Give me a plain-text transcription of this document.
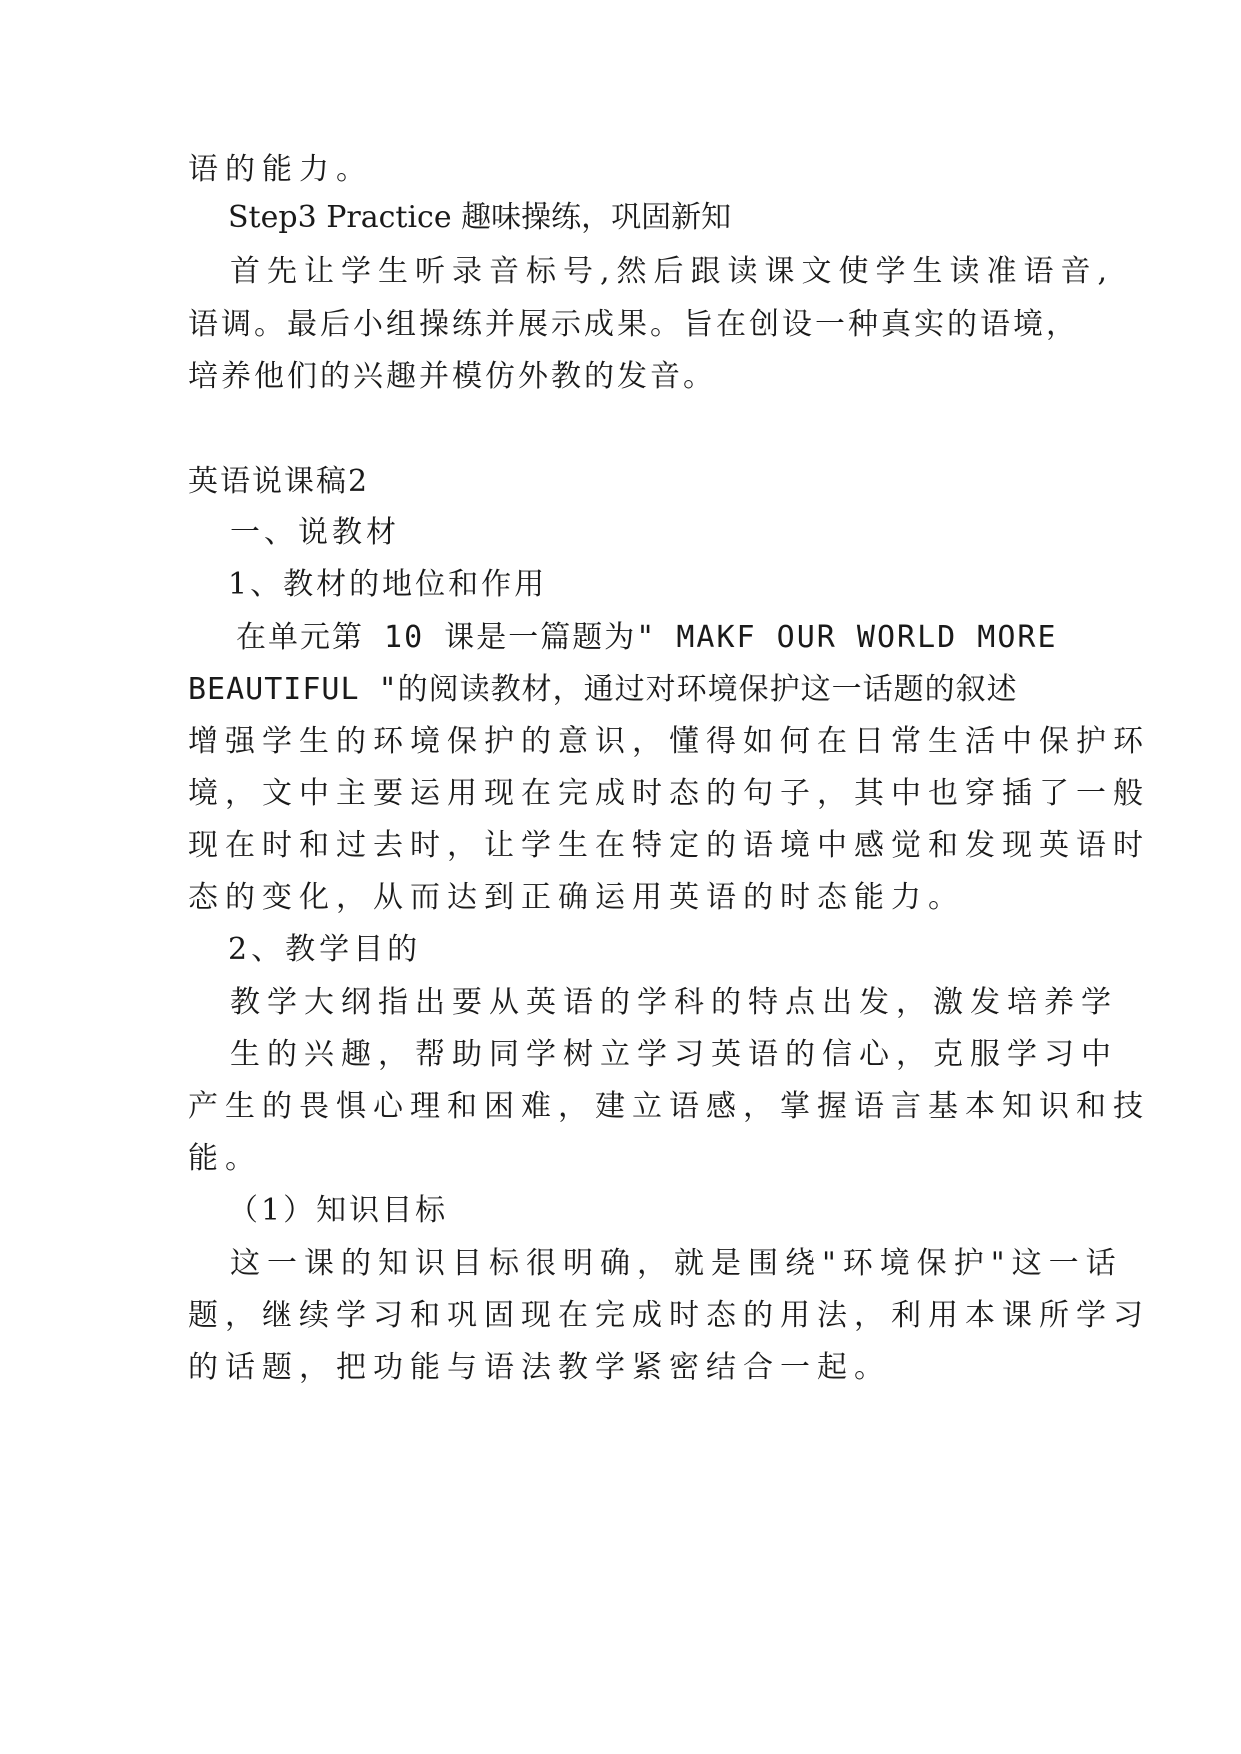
语的能力。
Step3 Practice 趣味操练，巩固新知
首先让学生听录音标号,然后跟读课文使学生读准语音,
语调。最后小组操练并展示成果。旨在创设一种真实的语境，
培养他们的兴趣并模仿外教的发音。
英语说课稿2
一、说教材
1、教材的地位和作用
在单元第 10 课是一篇题为" MAKF OUR WORLD MORE
BEAUTIFUL "的阅读教材，通过对环境保护这一话题的叙述
增强学生的环境保护的意识，懂得如何在日常生活中保护环
境，文中主要运用现在完成时态的句子，其中也穿插了一般
现在时和过去时，让学生在特定的语境中感觉和发现英语时
态的变化，从而达到正确运用英语的时态能力。
2、教学目的
教学大纲指出要从英语的学科的特点出发，激发培养学
生的兴趣，帮助同学树立学习英语的信心，克服学习中
产生的畏惧心理和困难，建立语感，掌握语言基本知识和技
能。
（1）知识目标
这一课的知识目标很明确，就是围绕"环境保护"这一话
题，继续学习和巩固现在完成时态的用法，利用本课所学习
的话题，把功能与语法教学紧密结合一起。
